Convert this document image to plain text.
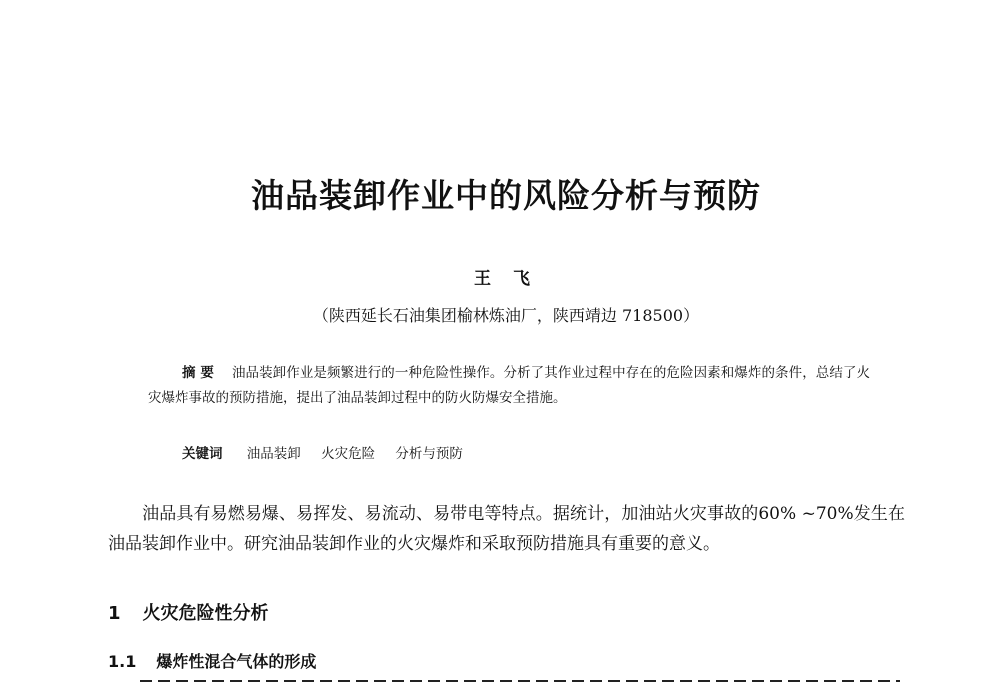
油品装卸作业中的风险分析与预防
王 飞
（陕西延长石油集团榆林炼油厂，陕西靖边 718500）
摘 要 油品装卸作业是频繁进行的一种危险性操作。分析了其作业过程中存在的危险因素和爆炸的条件，总结了火灾爆炸事故的预防措施，提出了油品装卸过程中的防火防爆安全措施。
关键词 油品装卸 火灾危险 分析与预防
油品具有易燃易爆、易挥发、易流动、易带电等特点。据统计，加油站火灾事故的60% ~70%发生在油品装卸作业中。研究油品装卸作业的火灾爆炸和采取预防措施具有重要的意义。
1 火灾危险性分析
1.1 爆炸性混合气体的形成
